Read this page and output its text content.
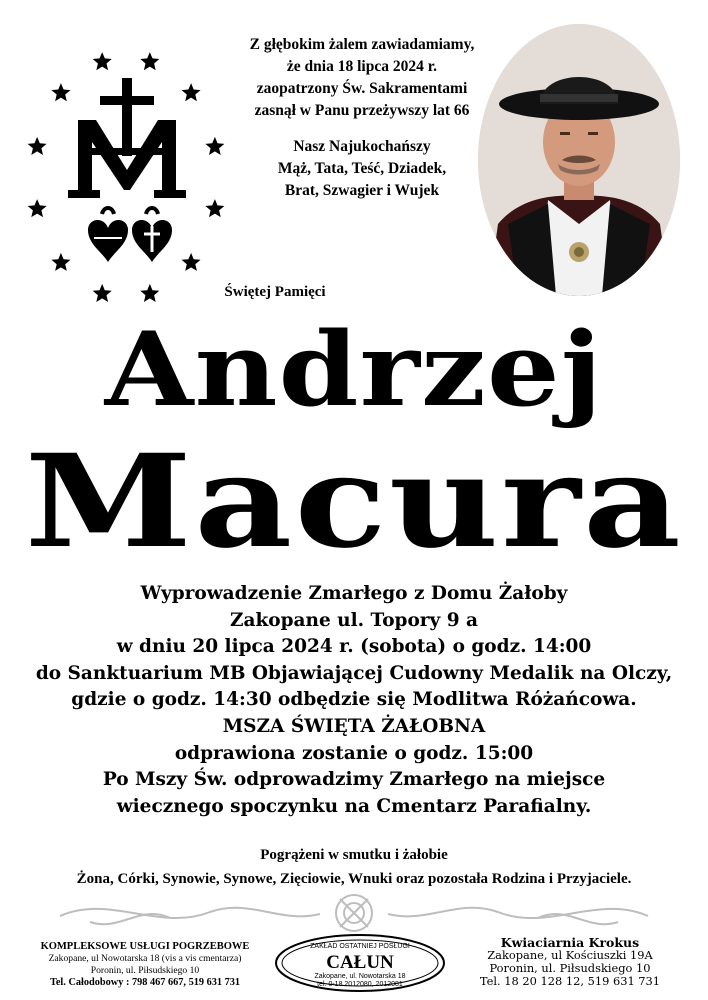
Z głębokim żalem zawiadamiamy,
że dnia 18 lipca 2024 r.
zaopatrzony Św. Sakramentami
zasnął w Panu przeżywszy lat 66
Nasz Najukochańszy
Mąż, Tata, Teść, Dziadek,
Brat, Szwagier i Wujek
Świętej Pamięci
Andrzej
Macura
Wyprowadzenie Zmarłego z Domu Żałoby
Zakopane ul. Topory 9 a
w dniu 20 lipca 2024 r. (sobota) o godz. 14:00
do Sanktuarium MB Objawiającej Cudowny Medalik na Olczy,
gdzie o godz. 14:30 odbędzie się Modlitwa Różańcowa.
MSZA ŚWIĘTA ŻAŁOBNA
odprawiona zostanie o godz. 15:00
Po Mszy Św. odprowadzimy Zmarłego na miejsce
wiecznego spoczynku na Cmentarz Parafialny.
Pogrążeni w smutku i żałobie
Żona, Córki, Synowie, Synowe, Zięciowie, Wnuki oraz pozostała Rodzina i Przyjaciele.
KOMPLEKSOWE USŁUGI POGRZEBOWE
Zakopane, ul Nowotarska 18 (vis a vis cmentarza)
Poronin, ul. Piłsudskiego 10
Tel. Całodobowy : 798 467 667, 519 631 731
ZAKŁAD OSTATNIEJ POSŁUGI
CAŁUN
Zakopane, ul. Nowotarska 18
tel. 0-18 2012080, 2012081
Kwiaciarnia Krokus
Zakopane, ul Kościuszki 19A
Poronin, ul. Piłsudskiego 10
Tel. 18 20 128 12, 519 631 731
